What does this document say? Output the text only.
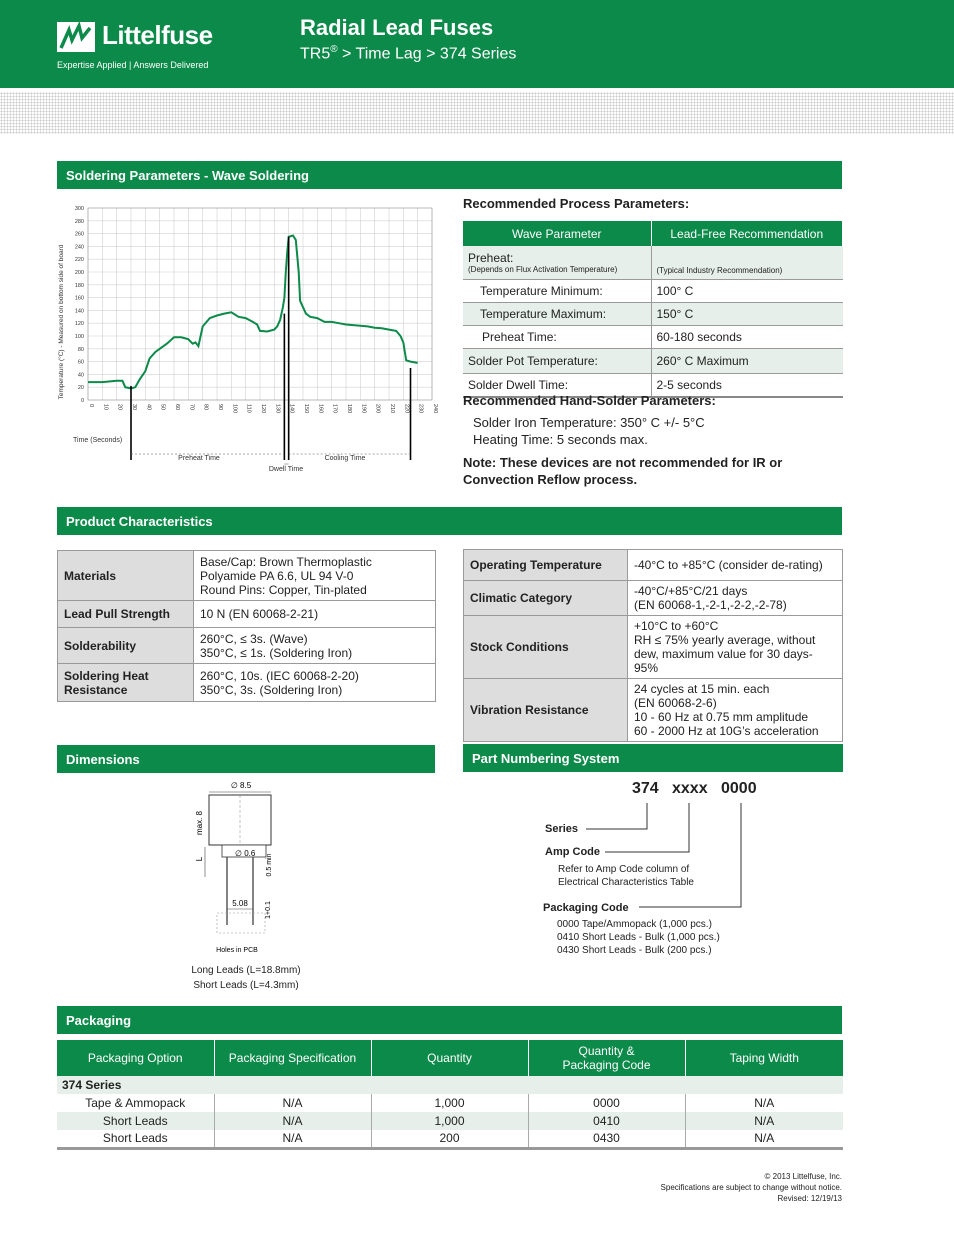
Littelfuse
Expertise Applied | Answers Delivered
Radial Lead Fuses
TR5® > Time Lag > 374 Series
Soldering Parameters - Wave Soldering
0
20
40
60
80
100
120
140
160
180
200
220
240
260
280
300
0 10 20 30 40 50 60 70 80 90 100 110 120 130 140 150 160 170 180 190 200 210 220 230 240
Temperature (°C) - Measured on bottom side of board
Time (Seconds)
Preheat Time
Dwell Time
Cooling Time
Recommended Process Parameters:
Wave Parameter	Lead-Free Recommendation

Preheat:
(Depends on Flux Activation Temperature)	(Typical Industry Recommendation)

Temperature Minimum:	100° C
Temperature Maximum:	150° C
Preheat Time:	60-180 seconds
Solder Pot Temperature:	260° C Maximum
Solder Dwell Time:	2-5 seconds
Recommended Hand-Solder Parameters:
Solder Iron Temperature: 350° C +/- 5°C
Heating Time: 5 seconds max.
Note: These devices are not recommended for IR or Convection Reflow process.
Product Characteristics
Materials	Base/Cap: Brown Thermoplastic
Polyamide PA 6.6, UL 94 V-0
Round Pins: Copper, Tin-plated

Lead Pull Strength	10 N (EN 60068-2-21)
Solderability	260°C, ≤ 3s. (Wave)
350°C, ≤ 1s. (Soldering Iron)

Soldering Heat Resistance	260°C, 10s. (IEC 60068-2-20)
350°C, 3s. (Soldering Iron)
Operating Temperature	-40°C to +85°C (consider de-rating)
Climatic Category	-40°C/+85°C/21 days
(EN 60068-1,-2-1,-2-2,-2-78)

Stock Conditions	+10°C to +60°C
RH ≤ 75% yearly average, without
dew, maximum value for 30 days-
95%

Vibration Resistance	24 cycles at 15 min. each
(EN 60068-2-6)
10 - 60 Hz at 0.75 mm amplitude
60 - 2000 Hz at 10G’s acceleration
Dimensions
∅ 8.5
max. 8
∅ 0.6
L	0.5 min
5.08 1+0.1
Holes in PCB
Long Leads (L=18.8mm)
Short Leads (L=4.3mm)
Part Numbering System
374 xxxx 0000
Series
Amp Code
Refer to Amp Code column of
Electrical Characteristics Table
Packaging Code
0000 Tape/Ammopack (1,000 pcs.)
0410 Short Leads - Bulk (1,000 pcs.)
0430 Short Leads - Bulk (200 pcs.)
Packaging
Packaging Option	Packaging Specification	Quantity	Quantity &
Packaging Code	Taping Width
374 Series				
Tape & Ammopack	N/A	1,000	0000	N/A
Short Leads	N/A	1,000	0410	N/A
Short Leads	N/A	200	0430	N/A
© 2013 Littelfuse, Inc.
Specifications are subject to change without notice.
Revised: 12/19/13
